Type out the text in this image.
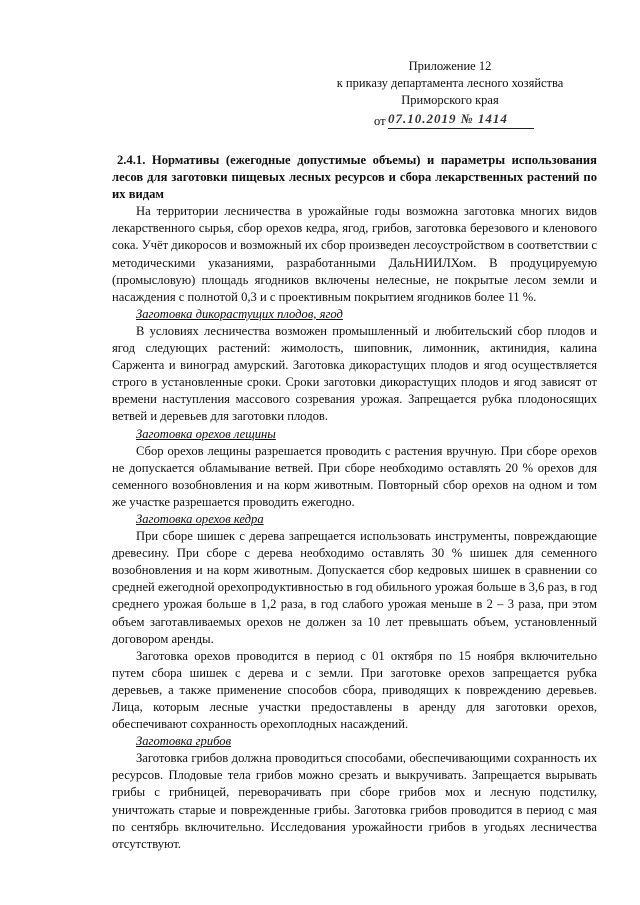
Приложение 12
к приказу департамента лесного хозяйства
Приморского края
от 07.10.2019 № 1414

2.4.1. Нормативы (ежегодные допустимые объемы) и параметры использования лесов для заготовки пищевых лесных ресурсов и сбора лекарственных растений по их видам

На территории лесничества в урожайные годы возможна заготовка многих видов лекарственного сырья, сбор орехов кедра, ягод, грибов, заготовка березового и кленового сока. Учёт дикоросов и возможный их сбор произведен лесоустройством в соответствии с методическими указаниями, разработанными ДальНИИЛХом. В продуцируемую (промысловую) площадь ягодников включены нелесные, не покрытые лесом земли и насаждения с полнотой 0,3 и с проективным покрытием ягодников более 11 %.

Заготовка дикорастущих плодов, ягод

В условиях лесничества возможен промышленный и любительский сбор плодов и ягод следующих растений: жимолость, шиповник, лимонник, актинидия, калина Саржента и виноград амурский. Заготовка дикорастущих плодов и ягод осуществляется строго в установленные сроки. Сроки заготовки дикорастущих плодов и ягод зависят от времени наступления массового созревания урожая. Запрещается рубка плодоносящих ветвей и деревьев для заготовки плодов.

Заготовка орехов лещины

Сбор орехов лещины разрешается проводить с растения вручную. При сборе орехов не допускается обламывание ветвей. При сборе необходимо оставлять 20 % орехов для семенного возобновления и на корм животным. Повторный сбор орехов на одном и том же участке разрешается проводить ежегодно.

Заготовка орехов кедра

При сборе шишек с дерева запрещается использовать инструменты, повреждающие древесину. При сборе с дерева необходимо оставлять 30 % шишек для семенного возобновления и на корм животным. Допускается сбор кедровых шишек в сравнении со средней ежегодной орехопродуктивностью в год обильного урожая больше в 3,6 раз, в год среднего урожая больше в 1,2 раза, в год слабого урожая меньше в 2 – 3 раза, при этом объем заготавливаемых орехов не должен за 10 лет превышать объем, установленный договором аренды.

Заготовка орехов проводится в период с 01 октября по 15 ноября включительно путем сбора шишек с дерева и с земли. При заготовке орехов запрещается рубка деревьев, а также применение способов сбора, приводящих к повреждению деревьев. Лица, которым лесные участки предоставлены в аренду для заготовки орехов, обеспечивают сохранность орехоплодных насаждений.

Заготовка грибов

Заготовка грибов должна проводиться способами, обеспечивающими сохранность их ресурсов. Плодовые тела грибов можно срезать и выкручивать. Запрещается вырывать грибы с грибницей, переворачивать при сборе грибов мох и лесную подстилку, уничтожать старые и поврежденные грибы. Заготовка грибов проводится в период с мая по сентябрь включительно. Исследования урожайности грибов в угодьях лесничества отсутствуют.
